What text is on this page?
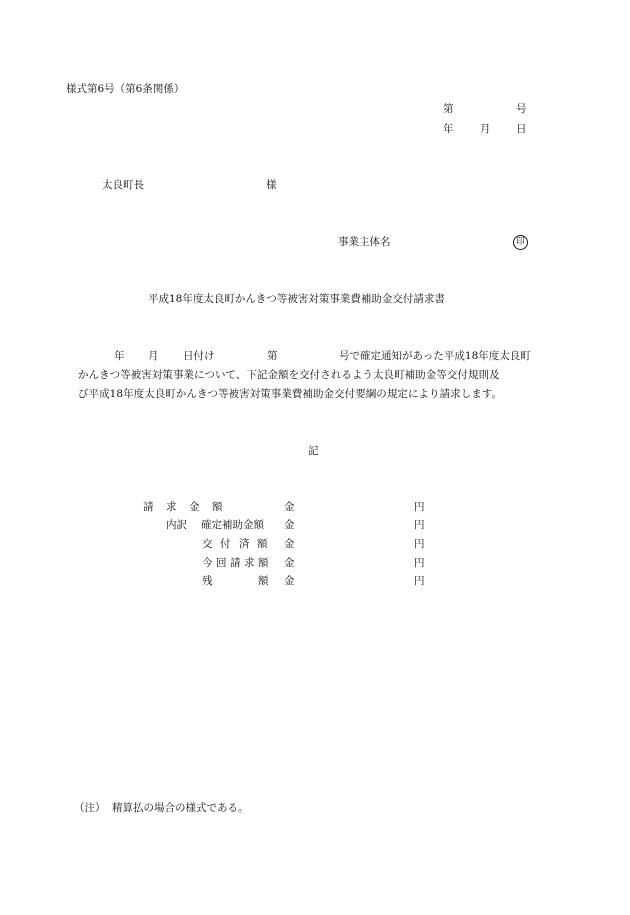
様式第6号（第6条関係）
第	号
年	月 日
太良町長	様
事業主体名	印
平成18年度太良町かんきつ等被害対策事業費補助金交付請求書
年 月 日付け	第	号で確定通知があった平成18年度太良町
かんきつ等被害対策事業について、下記金額を交付されるよう太良町補助金等交付規則及
び平成18年度太良町かんきつ等被害対策事業費補助金交付要綱の規定により請求します。
記
請 求 金 額	金	円
内訳 確定補助金額 金	円
交 付 済 額 金	円
今 回 請 求 額 金	円
残	額 金	円
（注） 精算払の場合の様式である。
